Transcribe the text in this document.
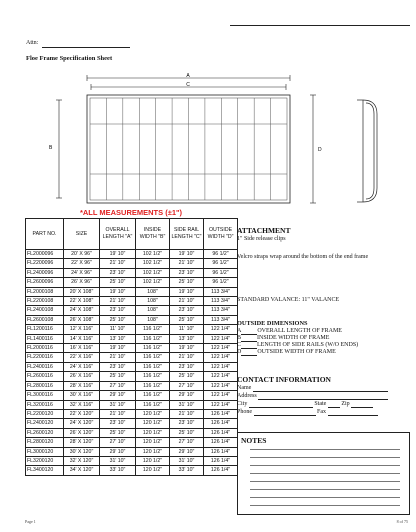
Attn:
Floe Frame Specification Sheet
A
C
B	D
*ALL MEASUREMENTS (±1")
PART NO.	SIZE	OVERALL LENGTH "A"	INSIDE WIDTH "B"	SIDE RAIL LENGTH "C"	OUTSIDE WIDTH "D"
FL2000096	20' X 96"	19' 10"	102 1/2"	19' 10"	96 1/2"
FL2200096	22' X 96"	21' 10"	102 1/2"	21' 10"	96 1/2"
FL2400096	24' X 96"	23' 10"	102 1/2"	23' 10"	96 1/2"
FL2600096	26' X 96"	25' 10"	102 1/2"	25' 10"	96 1/2"
FL2000108	20' X 108"	19' 10"	108"	19' 10"	113 3/4"
FL2200108	22' X 108"	21' 10"	108"	21' 10"	113 3/4"
FL2400108	24' X 108"	23' 10"	108"	23' 10"	113 3/4"
FL2600108	26' X 108"	25' 10"	108"	25' 10"	113 3/4"
FL1200116	12' X 116"	11' 10"	116 1/2"	11' 10"	122 1/4"
FL1400116	14' X 116"	13' 10"	116 1/2"	13' 10"	122 1/4"
FL2000116	16' X 116"	19' 10"	116 1/2"	19' 10"	122 1/4"
FL2200116	22' X 116"	21' 10"	116 1/2"	21' 10"	122 1/4"
FL2400116	24' X 116"	23' 10"	116 1/2"	23' 10"	122 1/4"
FL2600116	26' X 116"	25' 10"	116 1/2"	25' 10"	122 1/4"
FL2800116	28' X 116"	27' 10"	116 1/2"	27' 10"	122 1/4"
FL3000116	30' X 116"	29' 10"	116 1/2"	29' 10"	122 1/4"
FL3200116	32' X 116"	31' 10"	116 1/2"	31' 10"	122 1/4"
FL2200120	22' X 120"	21' 10"	120 1/2"	21' 10"	126 1/4"
FL2400120	24' X 120"	23' 10"	120 1/2"	23' 10"	126 1/4"
FL2600120	26' X 120"	25' 10"	120 1/2"	25' 10"	126 1/4"
FL2800120	28' X 120"	27' 10"	120 1/2"	27' 10"	126 1/4"
FL3000120	30' X 120"	29' 10"	120 1/2"	29' 10"	126 1/4"
FL3200120	32' X 120"	31' 10"	120 1/2"	31' 10"	126 1/4"
FL3400120	34' X 120"	33' 10"	120 1/2"	33' 10"	126 1/4"
ATTACHMENT
1" Side release clips
Velcro straps wrap around the bottom of the end frame
STANDARD VALANCE: 11" VALANCE
OUTSIDE DIMENSIONS
A	OVERALL LENGTH OF FRAME
B	INSIDE WIDTH OF FRAME
C	LENGTH OF SIDE RAILS (W/O ENDS)
D	OUTSIDE WIDTH OF FRAME
CONTACT INFORMATION
Name
Address
City	State	Zip
Phone	Fax
NOTES
Page 1	8 of 75
